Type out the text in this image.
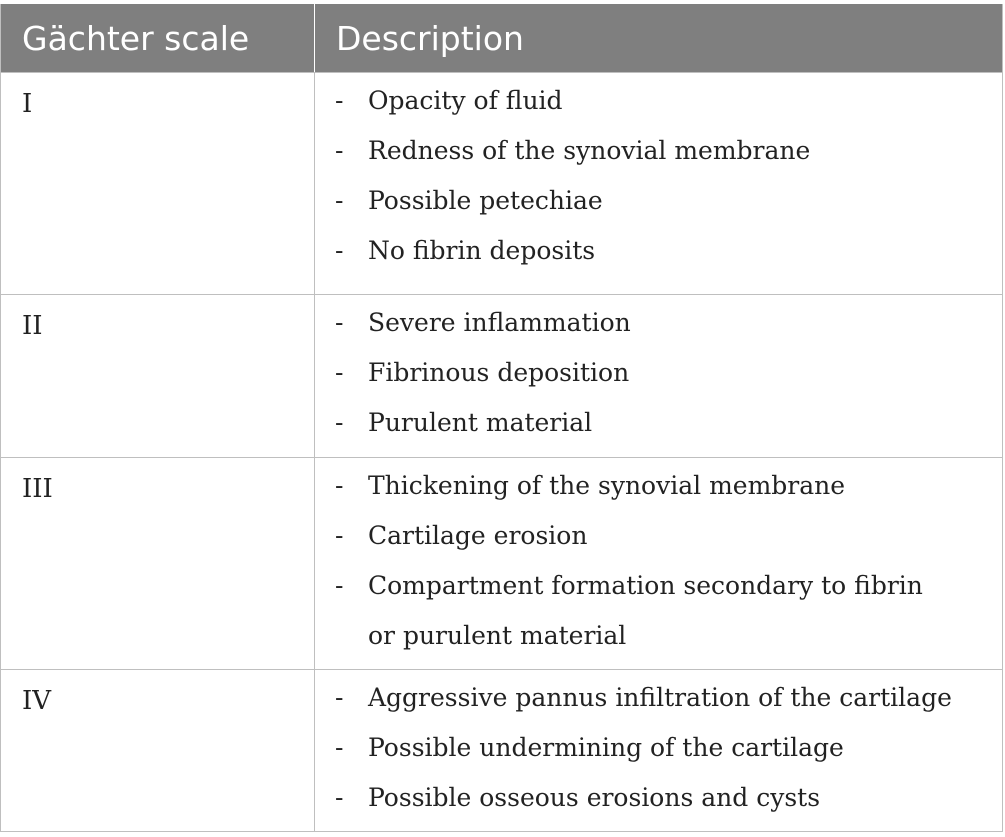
Gächter scale	Description
I	- Opacity of fluid
- Redness of the synovial membrane
- Possible petechiae
- No fibrin deposits
II	- Severe inflammation
- Fibrinous deposition
- Purulent material
III	- Thickening of the synovial membrane
- Cartilage erosion
- Compartment formation secondary to fibrin or purulent material
IV	- Aggressive pannus infiltration of the cartilage
- Possible undermining of the cartilage
- Possible osseous erosions and cysts
